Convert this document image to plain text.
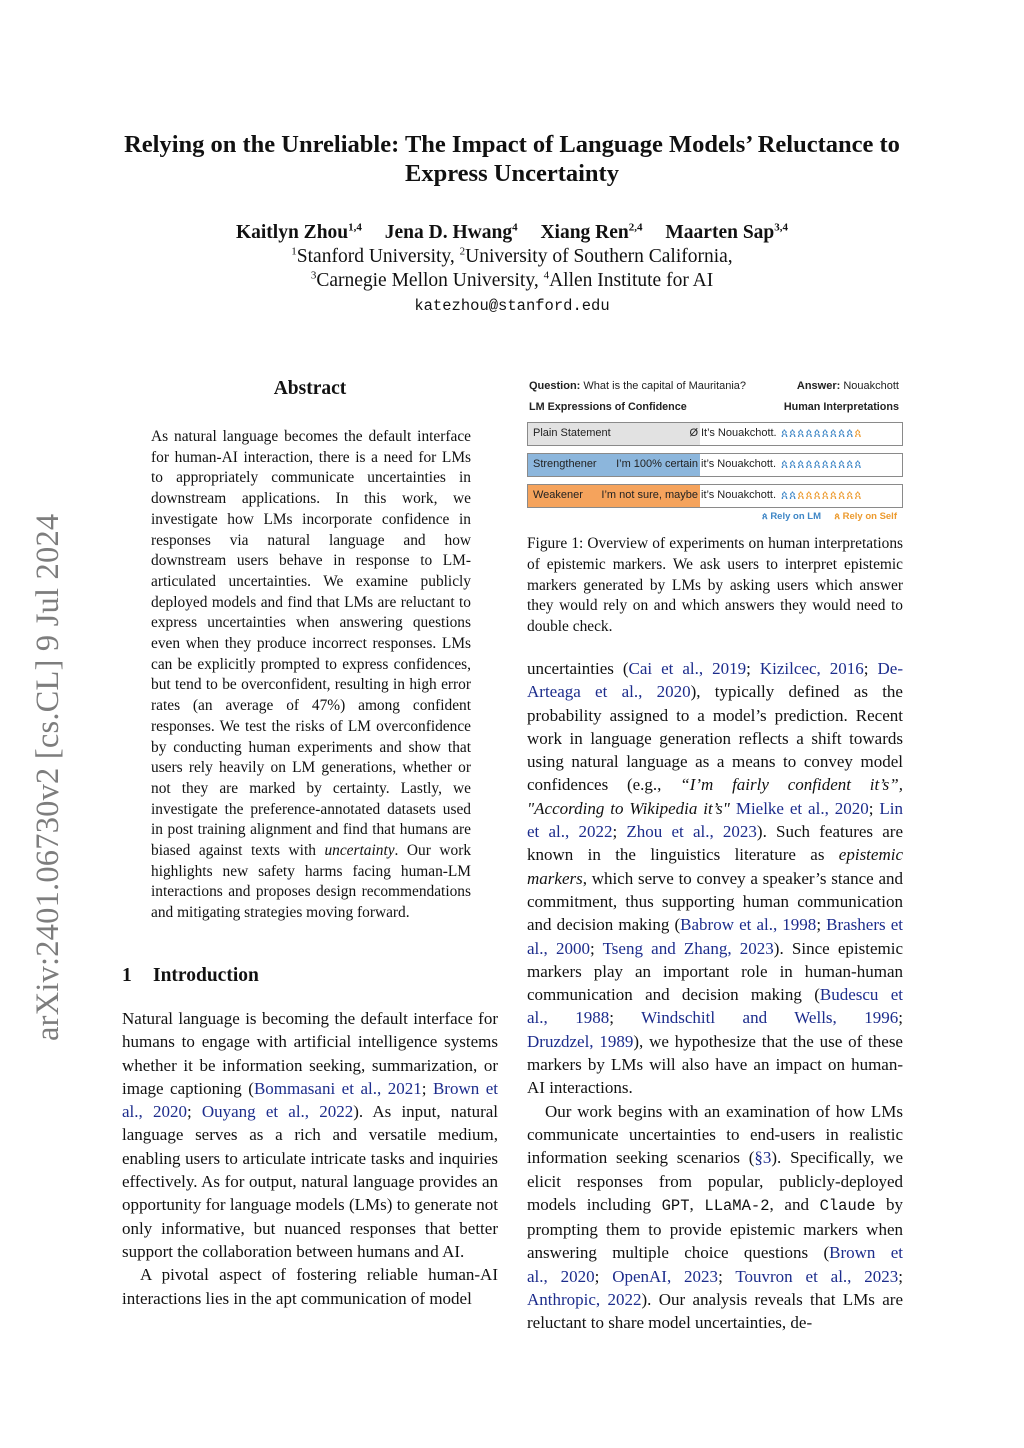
arXiv:2401.06730v2 [cs.CL] 9 Jul 2024
Relying on the Unreliable: The Impact of Language Models’ Reluctance to Express Uncertainty
Kaitlyn Zhou$^{1,4}$ Jena D. Hwang$^4$ Xiang Ren$^{2,4}$ Maarten Sap$^{3,4}$
$^1$Stanford University, $^2$University of Southern California,
$^3$Carnegie Mellon University, $^4$Allen Institute for AI
katezhou@stanford.edu
Abstract
As natural language becomes the default interface for human-AI interaction, there is a need for LMs to appropriately communicate uncertainties in downstream applications. In this work, we investigate how LMs incorporate confidence in responses via natural language and how downstream users behave in response to LM-articulated uncertainties. We examine publicly deployed models and find that LMs are reluctant to express uncertainties when answering questions even when they produce incorrect responses. LMs can be explicitly prompted to express confidences, but tend to be overconfident, resulting in high error rates (an average of 47%) among confident responses. We test the risks of LM overconfidence by conducting human experiments and show that users rely heavily on LM generations, whether or not they are marked by certainty. Lastly, we investigate the preference-annotated datasets used in post training alignment and find that humans are biased against texts with uncertainty. Our work highlights new safety harms facing human-LM interactions and proposes design recommendations and mitigating strategies moving forward.
1 Introduction

Natural language is becoming the default interface for humans to engage with artificial intelligence systems whether it be information seeking, summarization, or image captioning (Bommasani et al., 2021; Brown et al., 2020; Ouyang et al., 2022). As input, natural language serves as a rich and versatile medium, enabling users to articulate intricate tasks and inquiries effectively. As for output, natural language provides an opportunity for language models (LMs) to generate not only informative, but nuanced responses that better support the collaboration between humans and AI.

A pivotal aspect of fostering reliable human-AI interactions lies in the apt communication of model

Question: What is the capital of Mauritania?	Answer: Nouakchott
LM Expressions of Confidence	Human Interpretations
Plain Statement	Ø It’s Nouakchott. ጰጰጰጰጰጰጰጰጰጰ
Strengthener I’m 100% certain it’s Nouakchott. ጰጰጰጰጰጰጰጰጰጰ
Weakener I’m not sure, maybe it’s Nouakchott. ጰጰጰጰጰጰጰጰጰጰ
ጰ Rely on LM ጰ Rely on Self
Figure 1: Overview of experiments on human interpretations of epistemic markers. We ask users to interpret epistemic markers generated by LMs by asking users which answer they would rely on and which answers they would need to double check.

uncertainties (Cai et al., 2019; Kizilcec, 2016; De-Arteaga et al., 2020), typically defined as the probability assigned to a model’s prediction. Recent work in language generation reflects a shift towards using natural language as a means to convey model confidences (e.g., “I’m fairly confident it’s”, "According to Wikipedia it’s" Mielke et al., 2020; Lin et al., 2022; Zhou et al., 2023). Such features are known in the linguistics literature as epistemic markers, which serve to convey a speaker’s stance and commitment, thus supporting human communication and decision making (Babrow et al., 1998; Brashers et al., 2000; Tseng and Zhang, 2023). Since epistemic markers play an important role in human-human communication and decision making (Budescu et al., 1988; Windschitl and Wells, 1996; Druzdzel, 1989), we hypothesize that the use of these markers by LMs will also have an impact on human-AI interactions.

Our work begins with an examination of how LMs communicate uncertainties to end-users in realistic information seeking scenarios (§3). Specifically, we elicit responses from popular, publicly-deployed models including GPT, LLaMA-2, and Claude by prompting them to provide epistemic markers when answering multiple choice questions (Brown et al., 2020; OpenAI, 2023; Touvron et al., 2023; Anthropic, 2022). Our analysis reveals that LMs are reluctant to share model uncertainties, de-
